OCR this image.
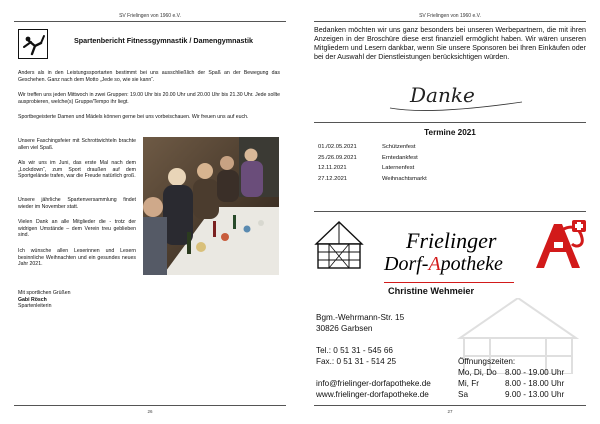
SV Frielingen von 1960 e.V.
Spartenbericht Fitnessgymnastik / Damengymnastik
Anders als in den Leistungssportarten bestimmt bei uns ausschließlich der Spaß an der Bewegung das Geschehen. Ganz nach dem Motto „Jede so, wie sie kann“.
Wir treffen uns jeden Mittwoch in zwei Gruppen: 19.00 Uhr bis 20.00 Uhr und 20.00 Uhr bis 21.30 Uhr. Jede sollte ausprobieren, welche(s) Gruppe/Tempo ihr liegt.
Sportbegeisterte Damen und Mädels können gerne bei uns vorbeischauen. Wir freuen uns auf euch.
Unsere Faschingsfeier mit Schrottwichteln brachte allen viel Spaß.
Als wir uns im Juni, das erste Mal nach dem „Lockdown“, zum Sport draußen auf dem Sportgelände trafen, war die Freude natürlich groß.
Unsere jährliche Spartenversammlung findet wieder im November statt.
Vielen Dank an alle Mitglieder die - trotz der widrigen Umstände – dem Verein treu geblieben sind.
Ich wünsche allen Leserinnen und Lesern besinnliche Weihnachten und ein gesundes neues Jahr 2021.
Mit sportlichen Grüßen
Gabi Rösch
Spartenleiterin
26
SV Frielingen von 1960 e.V.
Bedanken möchten wir uns ganz besonders bei unseren Werbepartnern, die mit ihren Anzeigen in der Broschüre diese erst finanziell ermöglicht haben. Wir wären unseren Mitgliedern und Lesern dankbar, wenn Sie unsere Sponsoren bei Ihren Einkäufen oder bei der Auswahl der Dienstleistungen berücksichtigen würden.
Danke
Termine 2021
01./02.05.2021	Schützenfest
25./26.09.2021	Erntedankfest
12.11.2021	Laternenfest
27.12.2021	Weihnachtsmarkt
Frielinger
Dorf-Apotheke
Christine Wehmeier
Bgm.-Wehrmann-Str. 15
30826 Garbsen
Tel.: 0 51 31 - 545 66
Fax.: 0 51 31 - 514 25
info@frielinger-dorfapotheke.de
www.frielinger-dorfapotheke.de
Öffnungszeiten:
Mo, Di, Do 8.00 - 19.00 Uhr
Mi, Fr	8.00 - 18.00 Uhr
Sa	9.00 - 13.00 Uhr
27
